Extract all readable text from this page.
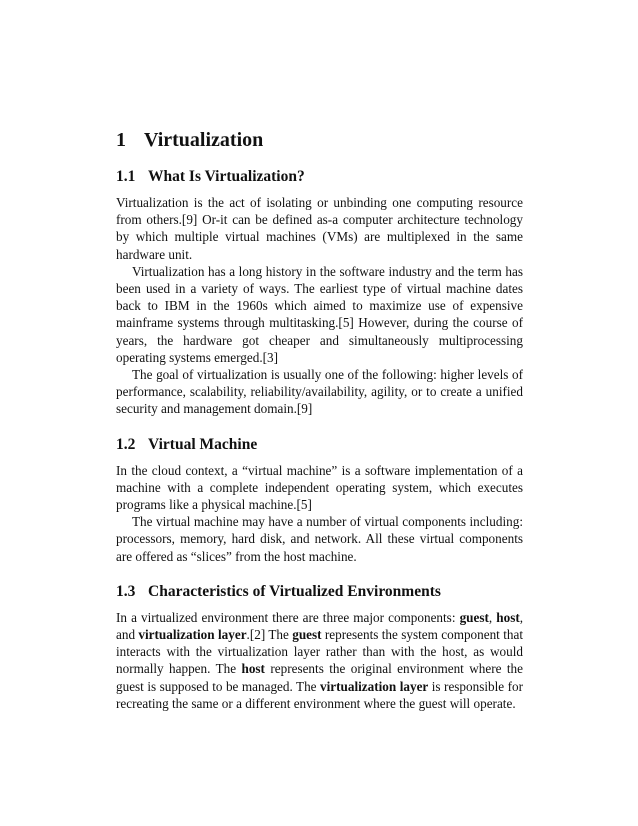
1 Virtualization
1.1 What Is Virtualization?

Virtualization is the act of isolating or unbinding one computing resource from others.[9] Or-it can be defined as-a computer architecture technology by which multiple virtual machines (VMs) are multiplexed in the same hardware unit.

Virtualization has a long history in the software industry and the term has been used in a variety of ways. The earliest type of virtual machine dates back to IBM in the 1960s which aimed to maximize use of expensive mainframe systems through multitasking.[5] However, during the course of years, the hardware got cheaper and simultaneously multiprocessing operating systems emerged.[3]

The goal of virtualization is usually one of the following: higher levels of performance, scalability, reliability/availability, agility, or to create a unified security and management domain.[9]

1.2 Virtual Machine

In the cloud context, a “virtual machine” is a software implementation of a machine with a complete independent operating system, which executes programs like a physical machine.[5]

The virtual machine may have a number of virtual components including: processors, memory, hard disk, and network. All these virtual components are offered as “slices” from the host machine.

1.3 Characteristics of Virtualized Environments

In a virtualized environment there are three major components: guest, host, and virtualization layer.[2] The guest represents the system component that interacts with the virtualization layer rather than with the host, as would normally happen. The host represents the original environment where the guest is supposed to be managed. The virtualization layer is responsible for recreating the same or a different environment where the guest will operate.
